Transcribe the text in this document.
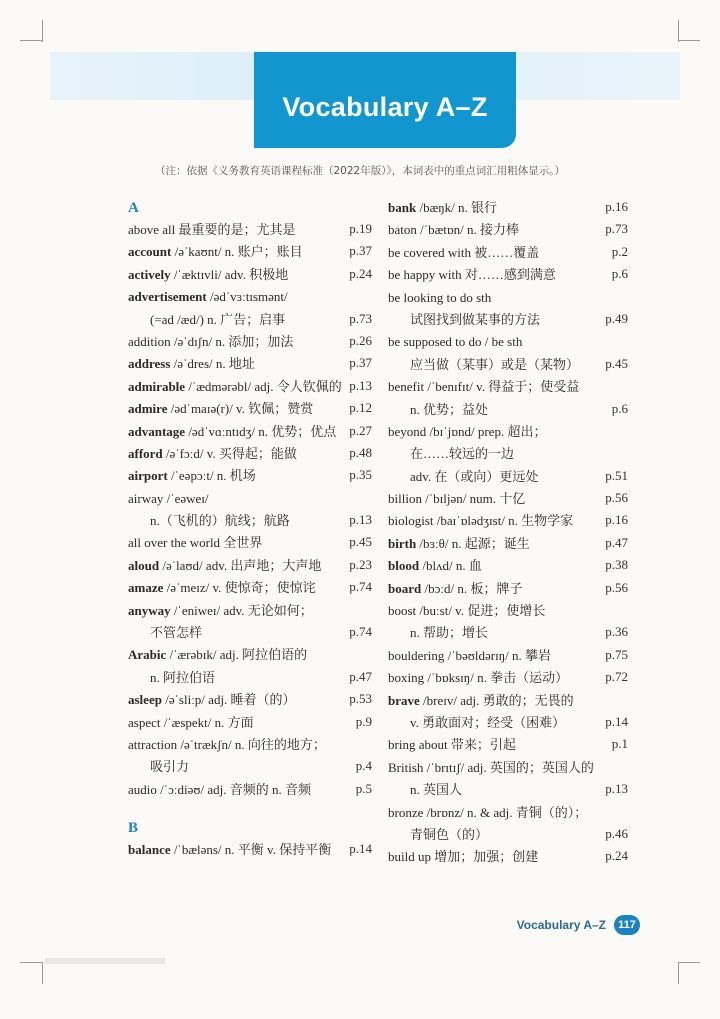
Vocabulary A–Z
（注：依据《义务教育英语课程标准（2022年版）》，本词表中的重点词汇用粗体显示。）
A
above all 最重要的是；尤其是	p.19
account /əˈkaʊnt/ n. 账户；账目	p.37
actively /ˈæktɪvli/ adv. 积极地	p.24
advertisement /ədˈvɜːtɪsmənt/
(=ad /æd/) n. 广告；启事	p.73
addition /əˈdɪʃn/ n. 添加；加法	p.26
address /əˈdres/ n. 地址	p.37
admirable /ˈædmərəbl/ adj. 令人钦佩的 p.13
admire /ədˈmaɪə(r)/ v. 钦佩；赞赏	p.12
advantage /ədˈvɑːntɪdʒ/ n. 优势；优点 p.27
afford /əˈfɔːd/ v. 买得起；能做	p.48
airport /ˈeəpɔːt/ n. 机场	p.35
airway /ˈeəweɪ/
n.（飞机的）航线；航路	p.13
all over the world 全世界	p.45
aloud /əˈlaʊd/ adv. 出声地；大声地	p.23
amaze /əˈmeɪz/ v. 使惊奇；使惊诧	p.74
anyway /ˈeniweɪ/ adv. 无论如何；
不管怎样	p.74
Arabic /ˈærəbɪk/ adj. 阿拉伯语的
n. 阿拉伯语	p.47
asleep /əˈsliːp/ adj. 睡着（的）	p.53
aspect /ˈæspekt/ n. 方面	p.9
attraction /əˈtrækʃn/ n. 向往的地方；
吸引力	p.4
audio /ˈɔːdiəʊ/ adj. 音频的 n. 音频	p.5
B
balance /ˈbæləns/ n. 平衡 v. 保持平衡	p.14
bank /bæŋk/ n. 银行	p.16
baton /ˈbætɒn/ n. 接力棒	p.73
be covered with 被……覆盖	p.2
be happy with 对……感到满意	p.6
be looking to do sth
试图找到做某事的方法	p.49
be supposed to do / be sth
应当做（某事）或是（某物）	p.45
benefit /ˈbenɪfɪt/ v. 得益于；使受益
n. 优势；益处	p.6
beyond /bɪˈjɒnd/ prep. 超出；
在……较远的一边
adv. 在（或向）更远处	p.51
billion /ˈbɪljən/ num. 十亿	p.56
biologist /baɪˈɒlədʒɪst/ n. 生物学家	p.16
birth /bɜːθ/ n. 起源；诞生	p.47
blood /blʌd/ n. 血	p.38
board /bɔːd/ n. 板；牌子	p.56
boost /buːst/ v. 促进；使增长
n. 帮助；增长	p.36
bouldering /ˈbəʊldərɪŋ/ n. 攀岩	p.75
boxing /ˈbɒksɪŋ/ n. 拳击（运动）	p.72
brave /breɪv/ adj. 勇敢的；无畏的
v. 勇敢面对；经受（困难）	p.14
bring about 带来；引起	p.1
British /ˈbrɪtɪʃ/ adj. 英国的；英国人的
n. 英国人	p.13
bronze /brɒnz/ n. & adj. 青铜（的）；
青铜色（的）	p.46
build up 增加；加强；创建	p.24
Vocabulary A–Z	117
